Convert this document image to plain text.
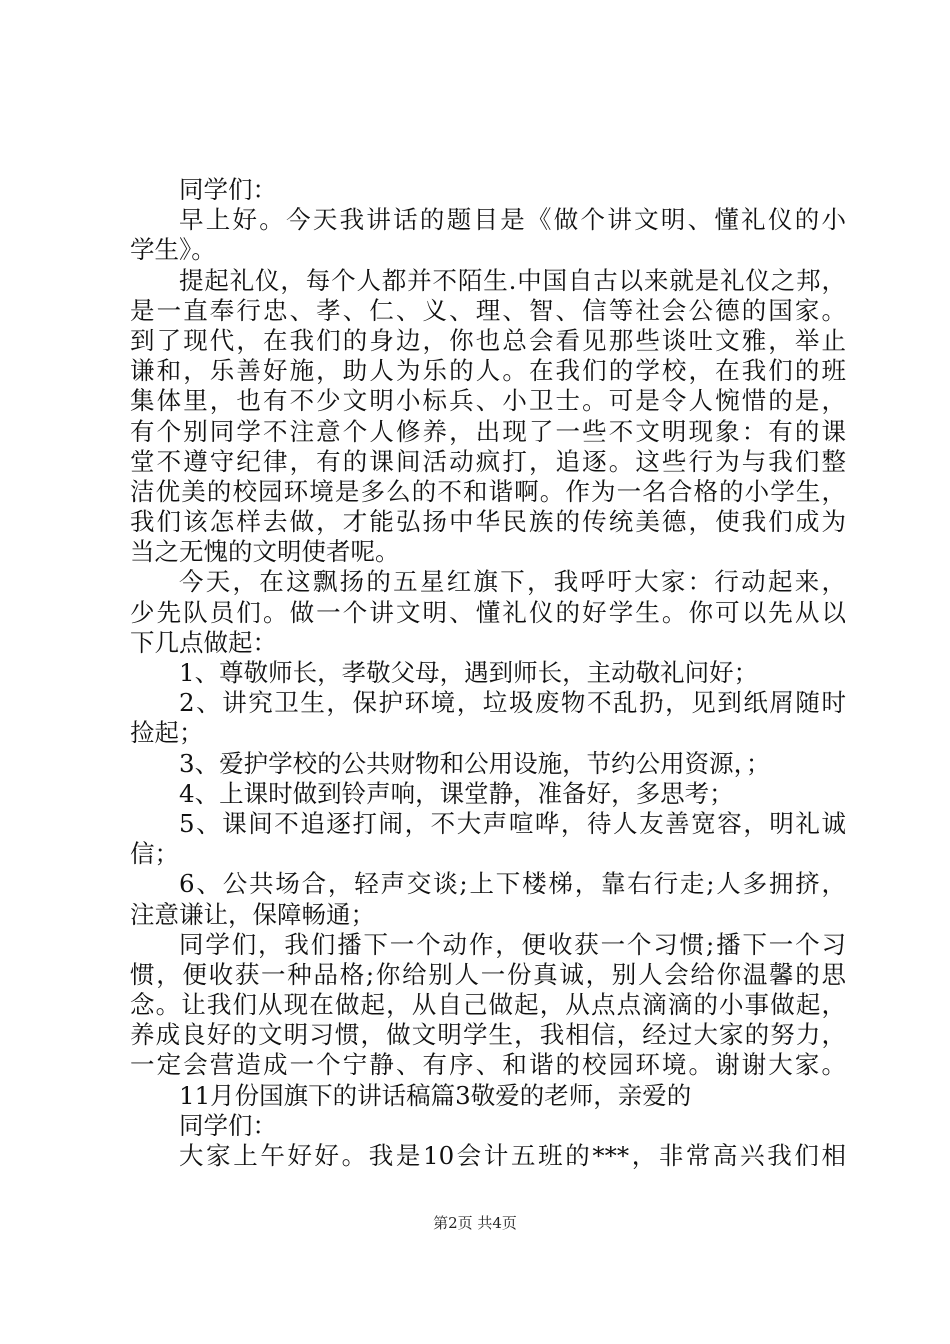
同学们：
早上好。今天我讲话的题目是《做个讲文明、懂礼仪的小
学生》。
提起礼仪，每个人都并不陌生.中国自古以来就是礼仪之邦，
是一直奉行忠、孝、仁、义、理、智、信等社会公德的国家。
到了现代，在我们的身边，你也总会看见那些谈吐文雅，举止
谦和，乐善好施，助人为乐的人。在我们的学校，在我们的班
集体里，也有不少文明小标兵、小卫士。可是令人惋惜的是，
有个别同学不注意个人修养，出现了一些不文明现象：有的课
堂不遵守纪律，有的课间活动疯打，追逐。这些行为与我们整
洁优美的校园环境是多么的不和谐啊。作为一名合格的小学生，
我们该怎样去做，才能弘扬中华民族的传统美德，使我们成为
当之无愧的文明使者呢。
今天，在这飘扬的五星红旗下，我呼吁大家：行动起来，
少先队员们。做一个讲文明、懂礼仪的好学生。你可以先从以
下几点做起：
1、尊敬师长，孝敬父母，遇到师长，主动敬礼问好；
2、讲究卫生，保护环境，垃圾废物不乱扔，见到纸屑随时
捡起；
3、爱护学校的公共财物和公用设施，节约公用资源，；
4、上课时做到铃声响，课堂静，准备好，多思考；
5、课间不追逐打闹，不大声喧哗，待人友善宽容，明礼诚
信；
6、公共场合，轻声交谈;上下楼梯，靠右行走;人多拥挤，
注意谦让，保障畅通；
同学们，我们播下一个动作，便收获一个习惯;播下一个习
惯，便收获一种品格;你给别人一份真诚，别人会给你温馨的思
念。让我们从现在做起，从自己做起，从点点滴滴的小事做起，
养成良好的文明习惯，做文明学生，我相信，经过大家的努力，
一定会营造成一个宁静、有序、和谐的校园环境。谢谢大家。
11月份国旗下的讲话稿篇3敬爱的老师，亲爱的
同学们：
大家上午好好。我是10会计五班的***，非常高兴我们相
第2页 共4页
